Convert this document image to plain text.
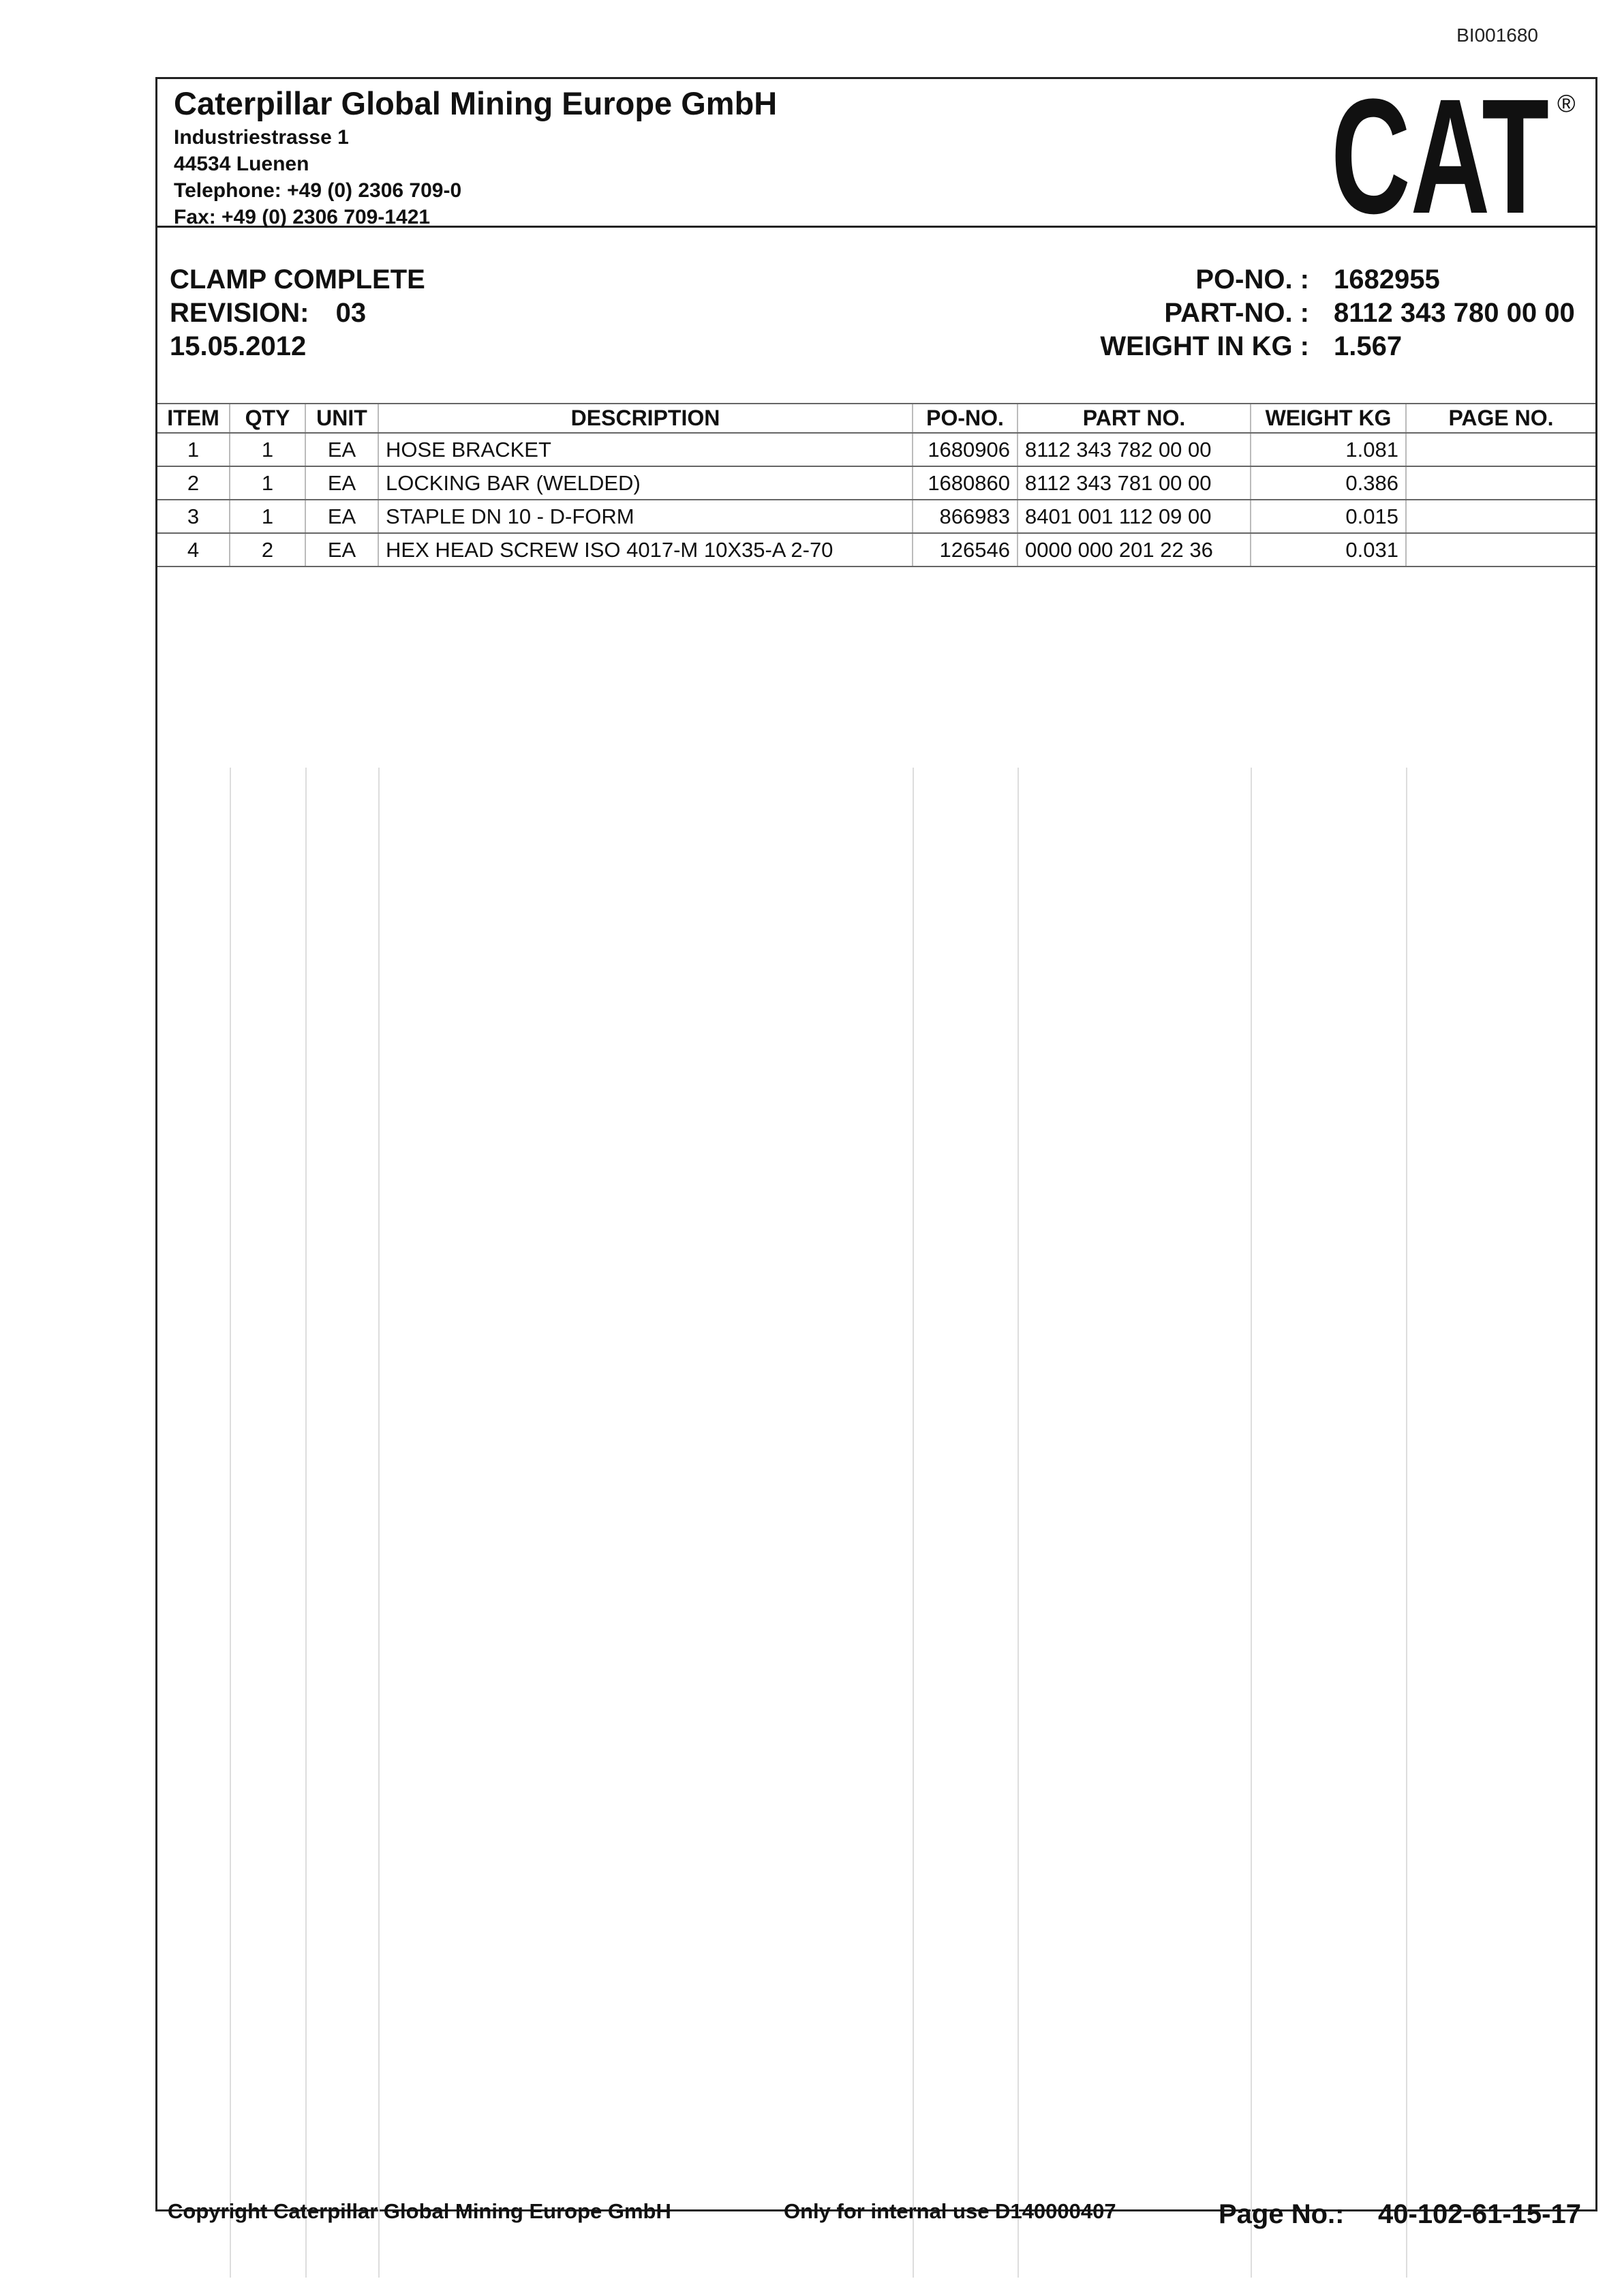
BI001680
Caterpillar Global Mining Europe GmbH
Industriestrasse 1
44534 Luenen
Telephone: +49 (0) 2306 709-0
Fax: +49 (0) 2306 709-1421	CAT ®
CLAMP COMPLETE
REVISION: 03
15.05.2012
PO-NO. : 1682955
PART-NO. : 8112 343 780 00 00
WEIGHT IN KG : 1.567
ITEM	QTY	UNIT	DESCRIPTION	PO-NO.	PART NO.	WEIGHT KG	PAGE NO.
1	1	EA	HOSE BRACKET	1680906	8112 343 782 00 00	1.081	
2	1	EA	LOCKING BAR (WELDED)	1680860	8112 343 781 00 00	0.386	
3	1	EA	STAPLE DN 10 - D-FORM	866983	8401 001 112 09 00	0.015	
4	2	EA	HEX HEAD SCREW ISO 4017-M 10X35-A 2-70	126546	0000 000 201 22 36	0.031	
Copyright Caterpillar Global Mining Europe GmbH	Only for internal use D140000407	Page No.: 40-102-61-15-17
